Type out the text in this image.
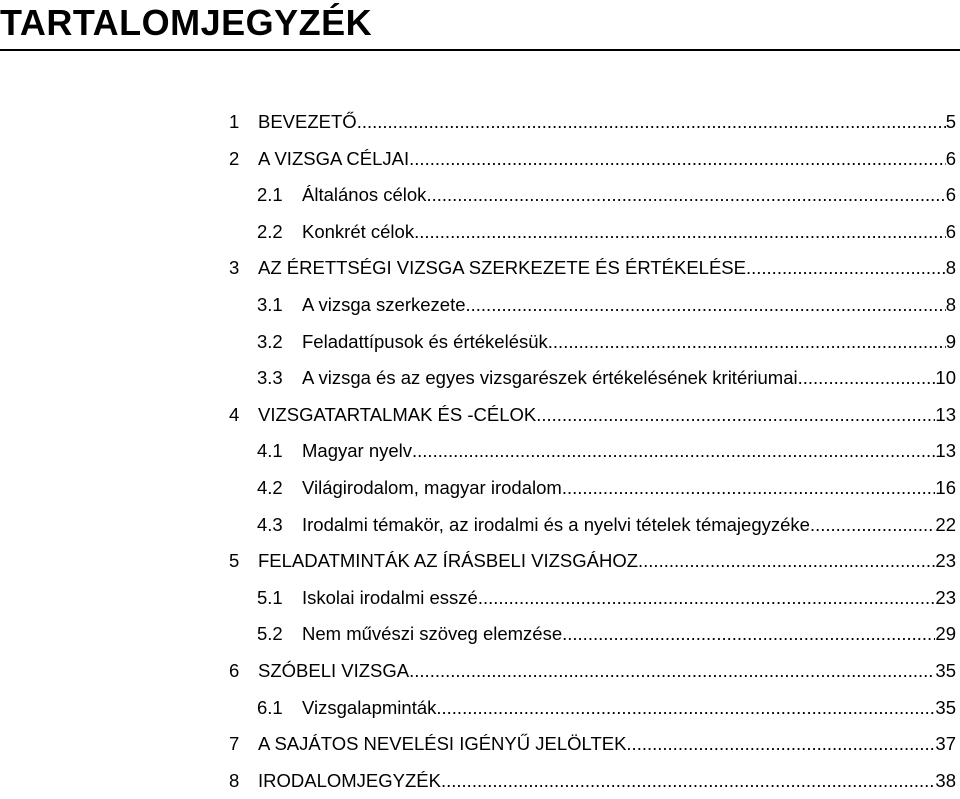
TARTALOMJEGYZÉK
1 BEVEZETŐ .....	5
2 A VIZSGA CÉLJAI .....	6
2.1 Általános célok .....	6
2.2 Konkrét célok .....	6
3 AZ ÉRETTSÉGI VIZSGA SZERKEZETE ÉS ÉRTÉKELÉSE .....	8
3.1 A vizsga szerkezete .....	8
3.2 Feladattípusok és értékelésük .....	9
3.3 A vizsga és az egyes vizsgarészek értékelésének kritériumai .....	10
4 VIZSGATARTALMAK ÉS -CÉLOK .....	13
4.1 Magyar nyelv .....	13
4.2 Világirodalom, magyar irodalom .....	16
4.3 Irodalmi témakör, az irodalmi és a nyelvi tételek témajegyzéke .....	22
5 FELADATMINTÁK AZ ÍRÁSBELI VIZSGÁHOZ .....	23
5.1 Iskolai irodalmi esszé .....	23
5.2 Nem művészi szöveg elemzése .....	29
6 SZÓBELI VIZSGA .....	35
6.1 Vizsgalapminták .....	35
7 A SAJÁTOS NEVELÉSI IGÉNYŰ JELÖLTEK .....	37
8 IRODALOMJEGYZÉK .....	38
